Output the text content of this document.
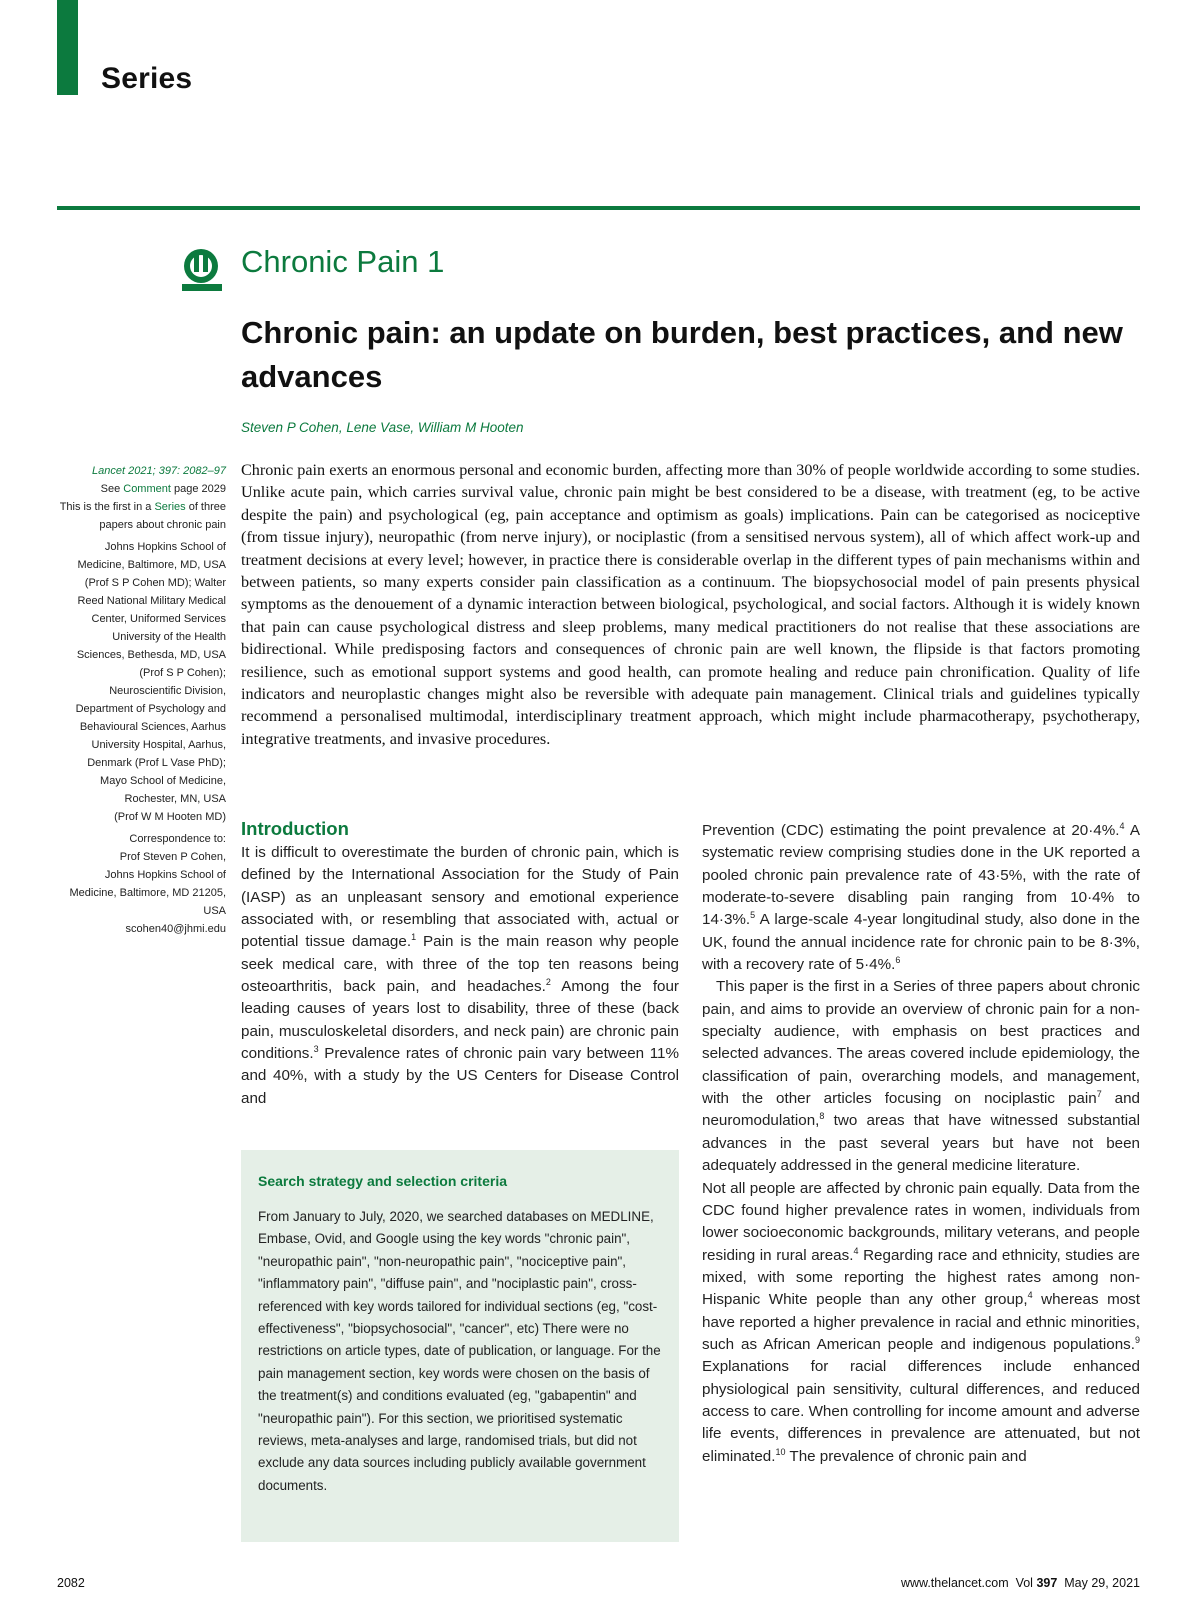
Series
Chronic Pain 1
Chronic pain: an update on burden, best practices, and new advances
Steven P Cohen, Lene Vase, William M Hooten

Lancet 2021; 397: 2082–97

See Comment page 2029

This is the first in a Series of three papers about chronic pain

Johns Hopkins School of

Medicine, Baltimore, MD, USA

(Prof S P Cohen MD); Walter

Reed National Military Medical

Center, Uniformed Services

University of the Health

Sciences, Bethesda, MD, USA

(Prof S P Cohen);

Neuroscientific Division,

Department of Psychology and

Behavioural Sciences, Aarhus

University Hospital, Aarhus,

Denmark (Prof L Vase PhD);

Mayo School of Medicine,

Rochester, MN, USA

(Prof W M Hooten MD)

Correspondence to:

Prof Steven P Cohen,

Johns Hopkins School of

Medicine, Baltimore, MD 21205,

USA

scohen40@jhmi.edu

Chronic pain exerts an enormous personal and economic burden, affecting more than 30% of people worldwide according to some studies. Unlike acute pain, which carries survival value, chronic pain might be best considered to be a disease, with treatment (eg, to be active despite the pain) and psychological (eg, pain acceptance and optimism as goals) implications. Pain can be categorised as nociceptive (from tissue injury), neuropathic (from nerve injury), or nociplastic (from a sensitised nervous system), all of which affect work-up and treatment decisions at every level; however, in practice there is considerable overlap in the different types of pain mechanisms within and between patients, so many experts consider pain classification as a continuum. The biopsychosocial model of pain presents physical symptoms as the denouement of a dynamic interaction between biological, psychological, and social factors. Although it is widely known that pain can cause psychological distress and sleep problems, many medical practitioners do not realise that these associations are bidirectional. While predisposing factors and consequences of chronic pain are well known, the flipside is that factors promoting resilience, such as emotional support systems and good health, can promote healing and reduce pain chronification. Quality of life indicators and neuroplastic changes might also be reversible with adequate pain management. Clinical trials and guidelines typically recommend a personalised multimodal, interdisciplinary treatment approach, which might include pharmacotherapy, psychotherapy, integrative treatments, and invasive procedures.

Introduction

It is difficult to overestimate the burden of chronic pain, which is defined by the International Association for the Study of Pain (IASP) as an unpleasant sensory and emotional experience associated with, or resembling that associated with, actual or potential tissue damage.$^1$ Pain is the main reason why people seek medical care, with three of the top ten reasons being osteoarthritis, back pain, and headaches.$^2$ Among the four leading causes of years lost to disability, three of these (back pain, musculoskeletal disorders, and neck pain) are chronic pain conditions.$^3$ Prevalence rates of chronic pain vary between 11% and 40%, with a study by the US Centers for Disease Control and

Search strategy and selection criteria

From January to July, 2020, we searched databases on MEDLINE, Embase, Ovid, and Google using the key words "chronic pain", "neuropathic pain", "non-neuropathic pain", "nociceptive pain", "inflammatory pain", "diffuse pain", and "nociplastic pain", cross-referenced with key words tailored for individual sections (eg, "cost-effectiveness", "biopsychosocial", "cancer", etc) There were no restrictions on article types, date of publication, or language. For the pain management section, key words were chosen on the basis of the treatment(s) and conditions evaluated (eg, "gabapentin" and "neuropathic pain"). For this section, we prioritised systematic reviews, meta-analyses and large, randomised trials, but did not exclude any data sources including publicly available government documents.

Prevention (CDC) estimating the point prevalence at 20·4%.$^4$ A systematic review comprising studies done in the UK reported a pooled chronic pain prevalence rate of 43·5%, with the rate of moderate-to-severe disabling pain ranging from 10·4% to 14·3%.$^5$ A large-scale 4-year longitudinal study, also done in the UK, found the annual incidence rate for chronic pain to be 8·3%, with a recovery rate of 5·4%.$^6$

This paper is the first in a Series of three papers about chronic pain, and aims to provide an overview of chronic pain for a non-specialty audience, with emphasis on best practices and selected advances. The areas covered include epidemiology, the classification of pain, overarching models, and management, with the other articles focusing on nociplastic pain$^7$ and neuromodulation,$^8$ two areas that have witnessed substantial advances in the past several years but have not been adequately addressed in the general medicine literature.

Not all people are affected by chronic pain equally. Data from the CDC found higher prevalence rates in women, individuals from lower socioeconomic backgrounds, military veterans, and people residing in rural areas.$^4$ Regarding race and ethnicity, studies are mixed, with some reporting the highest rates among non-Hispanic White people than any other group,$^4$ whereas most have reported a higher prevalence in racial and ethnic minorities, such as African American people and indigenous populations.$^9$ Explanations for racial differences include enhanced physiological pain sensitivity, cultural differences, and reduced access to care. When controlling for income amount and adverse life events, differences in prevalence are attenuated, but not eliminated.$^{10}$ The prevalence of chronic pain and

2082	www.thelancet.com Vol 397 May 29, 2021
